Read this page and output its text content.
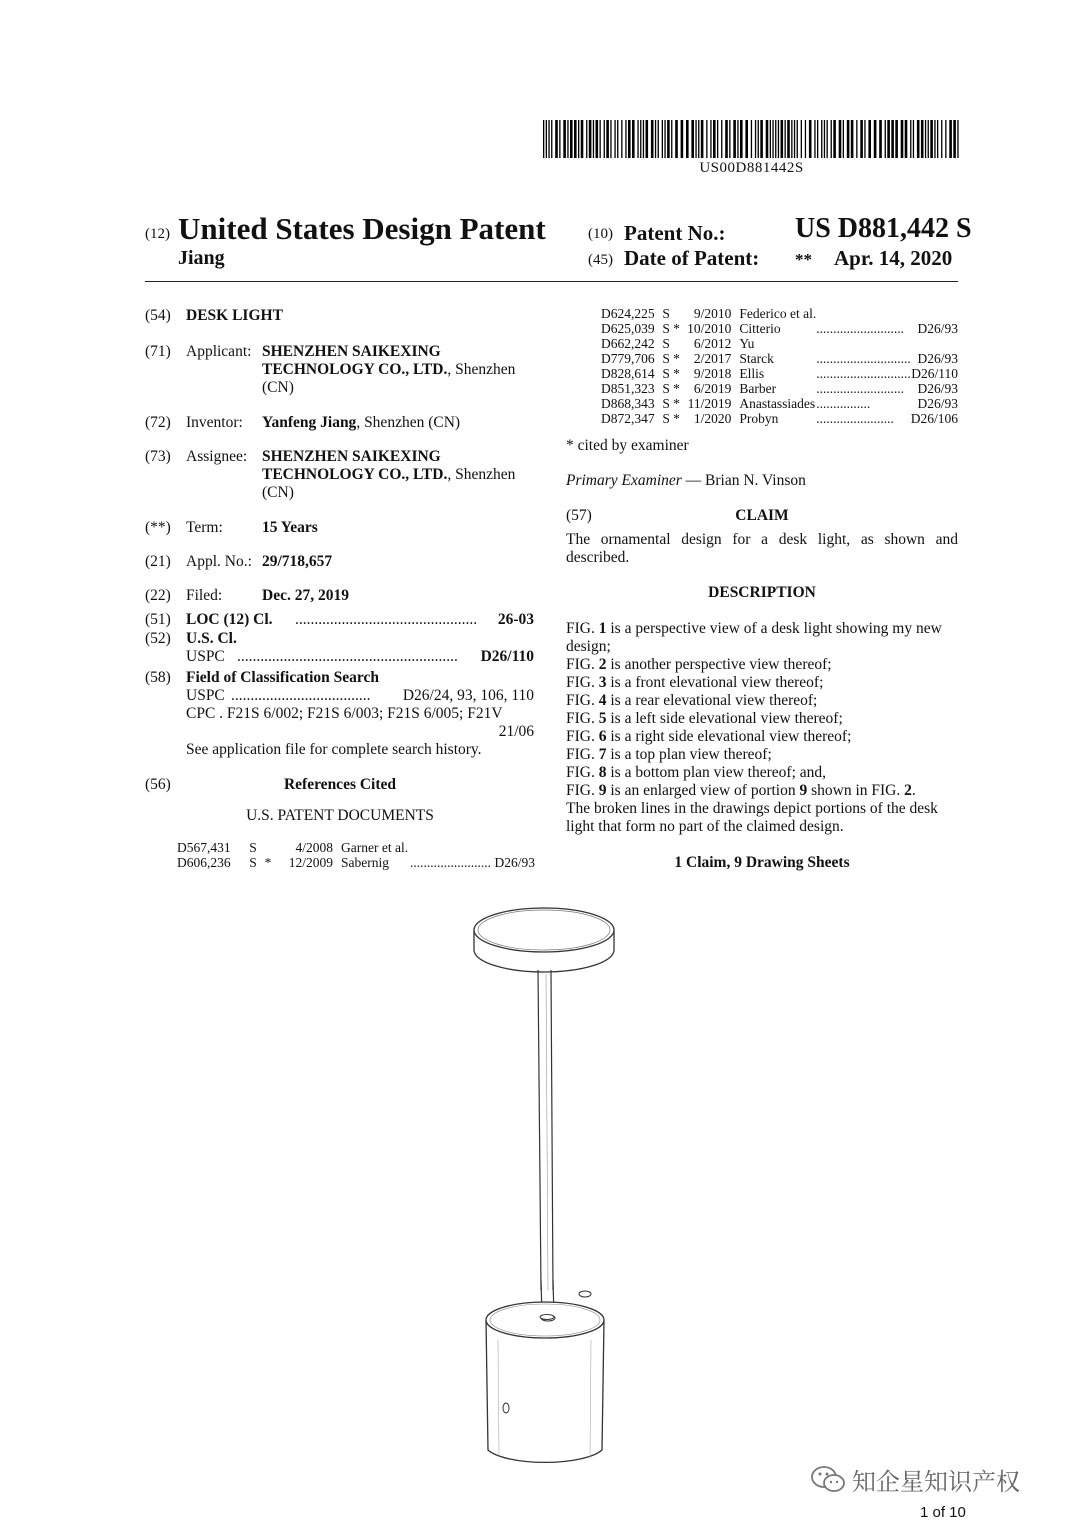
US00D881442S
(12) United States Design Patent
Jiang
(10) Patent No.: US D881,442 S
(45) Date of Patent: ** Apr. 14, 2020
(54) DESK LIGHT
(71) Applicant: SHENZHEN SAIKEXING
TECHNOLOGY CO., LTD., Shenzhen
(CN)
(72) Inventor: Yanfeng Jiang, Shenzhen (CN)
(73) Assignee: SHENZHEN SAIKEXING
TECHNOLOGY CO., LTD., Shenzhen
(CN)
(**) Term:	15 Years
(21) Appl. No.: 29/718,657
(22) Filed:	Dec. 27, 2019
(51) LOC (12) Cl. ...............................................	26-03
(52) U.S. Cl.
USPC .........................................................	D26/110
(58) Field of Classification Search
USPC ....................................	D26/24, 93, 106, 110
CPC . F21S 6/002; F21S 6/003; F21S 6/005; F21V
21/06
See application file for complete search history.
(56)	References Cited
U.S. PATENT DOCUMENTS
D567,431	S		4/2008	Garner et al.		
D606,236	S	*	12/2009	Sabernig	........................	D26/93
D624,225	S		9/2010	Federico et al.		
D625,039	S	*	10/2010	Citterio	..........................	D26/93
D662,242	S		6/2012	Yu		
D779,706	S	*	2/2017	Starck	............................	D26/93
D828,614	S	*	9/2018	Ellis	............................	D26/110
D851,323	S	*	6/2019	Barber	..........................	D26/93
D868,343	S	*	11/2019	Anastassiades	................	D26/93
D872,347	S	*	1/2020	Probyn	.......................	D26/106
* cited by examiner
Primary Examiner — Brian N. Vinson
(57)	CLAIM
The ornamental design for a desk light, as shown and described.
DESCRIPTION
FIG. 1 is a perspective view of a desk light showing my new design;
FIG. 2 is another perspective view thereof;
FIG. 3 is a front elevational view thereof;
FIG. 4 is a rear elevational view thereof;
FIG. 5 is a left side elevational view thereof;
FIG. 6 is a right side elevational view thereof;
FIG. 7 is a top plan view thereof;
FIG. 8 is a bottom plan view thereof; and,
FIG. 9 is an enlarged view of portion 9 shown in FIG. 2.
The broken lines in the drawings depict portions of the desk light that form no part of the claimed design.
1 Claim, 9 Drawing Sheets
知企星知识产权
1 of 10
